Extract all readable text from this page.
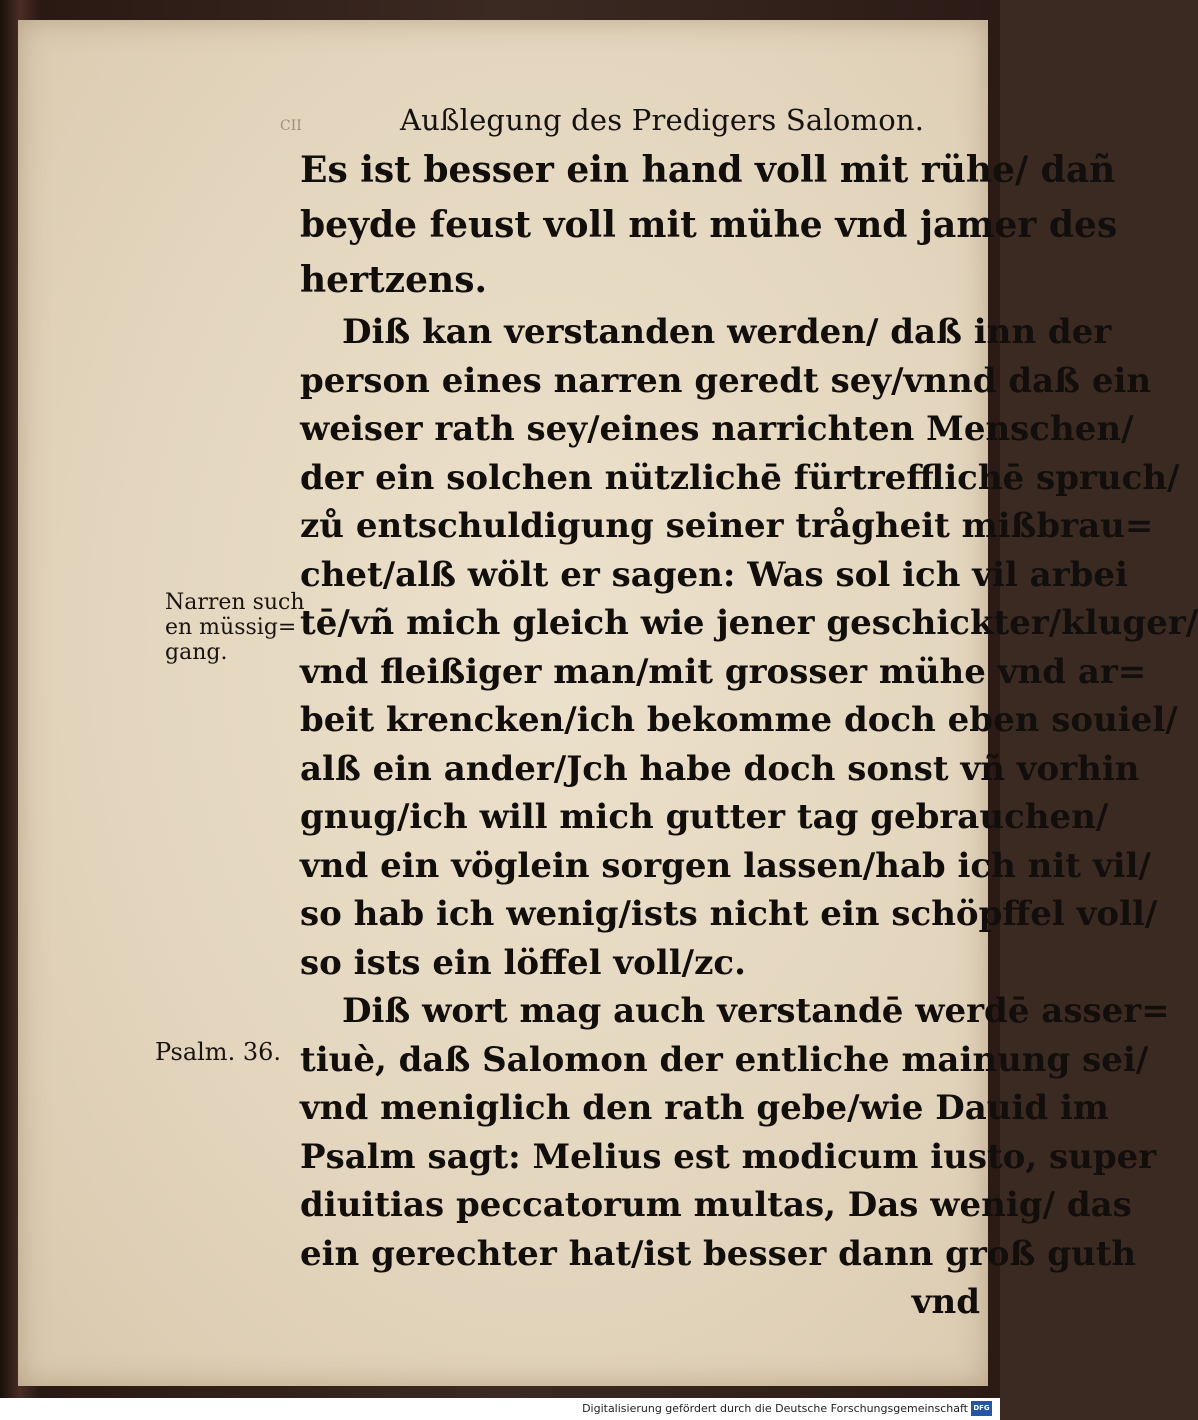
CII	Außlegung des Predigers Salomon.
Es ist besser ein hand voll mit rühe/ dañ
beyde feust voll mit mühe vnd jamer des
hertzens.
Diß kan verstanden werden/ daß inn der
person eines narren geredt sey/vnnd daß ein
weiser rath sey/eines narrichten Menschen/
der ein solchen nützlichē fürtrefflichē spruch/
zů entschuldigung seiner trågheit mißbrau=
chet/alß wölt er sagen: Was sol ich vil arbei
tē/vñ mich gleich wie jener geschickter/kluger/
vnd fleißiger man/mit grosser mühe vnd ar=
beit krencken/ich bekomme doch eben souiel/
alß ein ander/Jch habe doch sonst vñ vorhin
gnug/ich will mich gutter tag gebrauchen/
vnd ein vöglein sorgen lassen/hab ich nit vil/
so hab ich wenig/ists nicht ein schöpffel voll/
so ists ein löffel voll/zc.
Diß wort mag auch verstandē werdē asser=
tiuè, daß Salomon der entliche mainung sei/
vnd meniglich den rath gebe/wie Dauid im
Psalm sagt: Melius est modicum iusto, super
diuitias peccatorum multas, Das wenig/ das
ein gerechter hat/ist besser dann groß guth
vnd
Narren such
en müssig=
gang.
Psalm. 36.
Digitalisierung gefördert durch die Deutsche Forschungsgemeinschaft DFG
